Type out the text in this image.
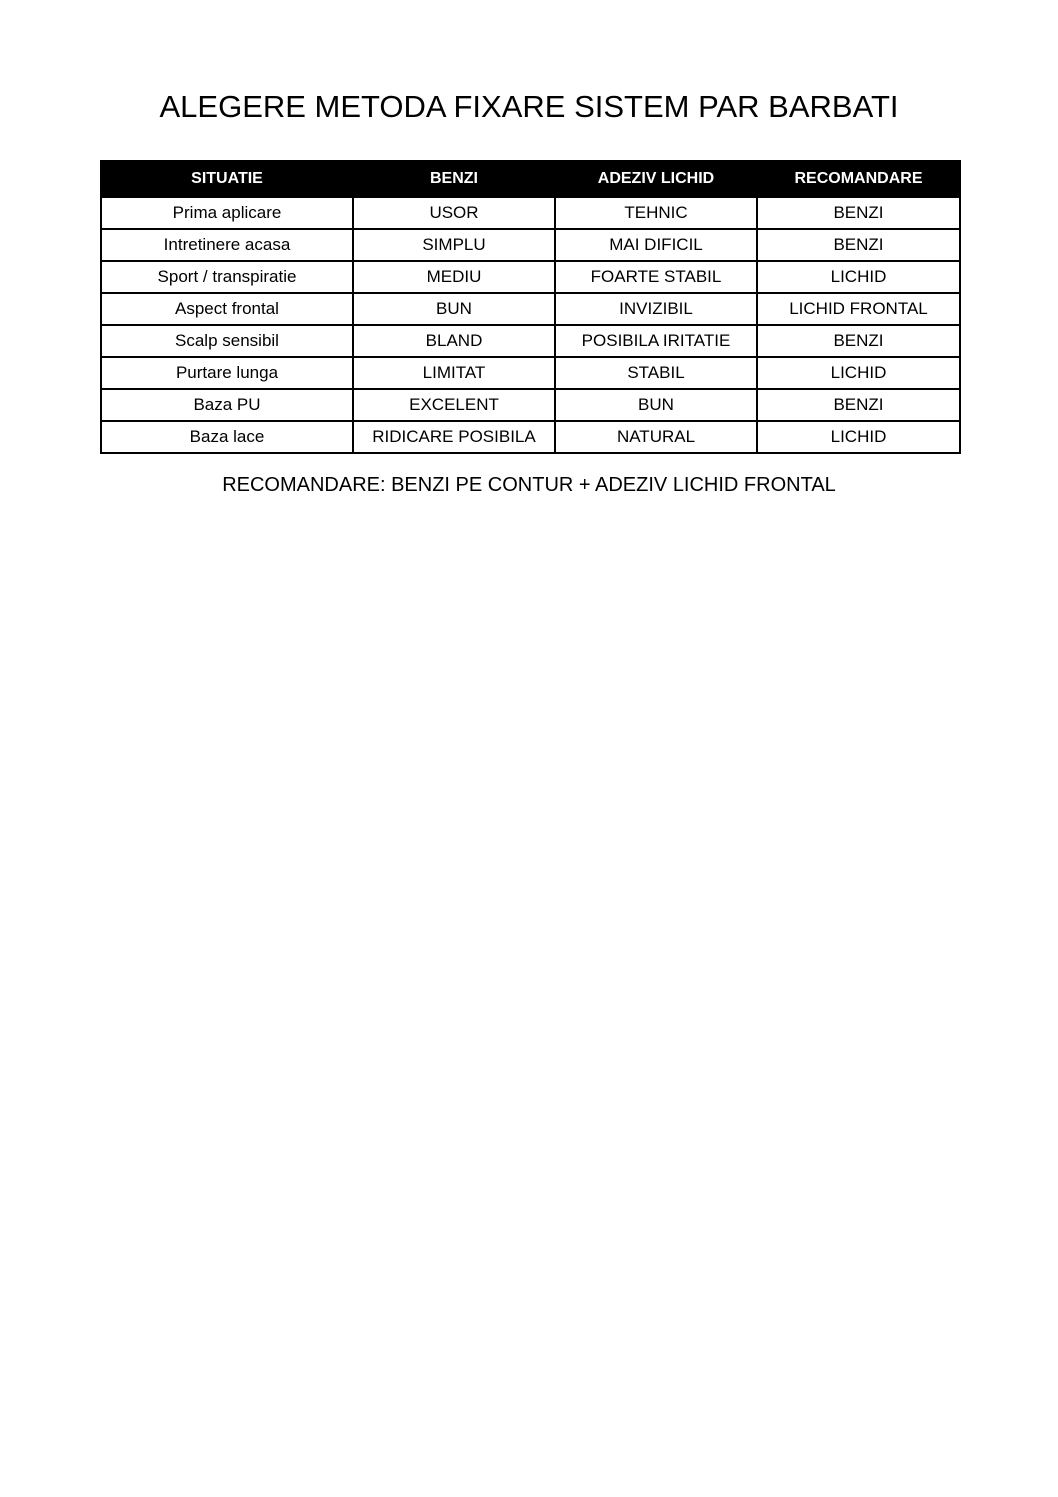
ALEGERE METODA FIXARE SISTEM PAR BARBATI
SITUATIE	BENZI	ADEZIV LICHID	RECOMANDARE
Prima aplicare	USOR	TEHNIC	BENZI
Intretinere acasa	SIMPLU	MAI DIFICIL	BENZI
Sport / transpiratie	MEDIU	FOARTE STABIL	LICHID
Aspect frontal	BUN	INVIZIBIL	LICHID FRONTAL
Scalp sensibil	BLAND	POSIBILA IRITATIE	BENZI
Purtare lunga	LIMITAT	STABIL	LICHID
Baza PU	EXCELENT	BUN	BENZI
Baza lace	RIDICARE POSIBILA	NATURAL	LICHID

RECOMANDARE: BENZI PE CONTUR + ADEZIV LICHID FRONTAL
